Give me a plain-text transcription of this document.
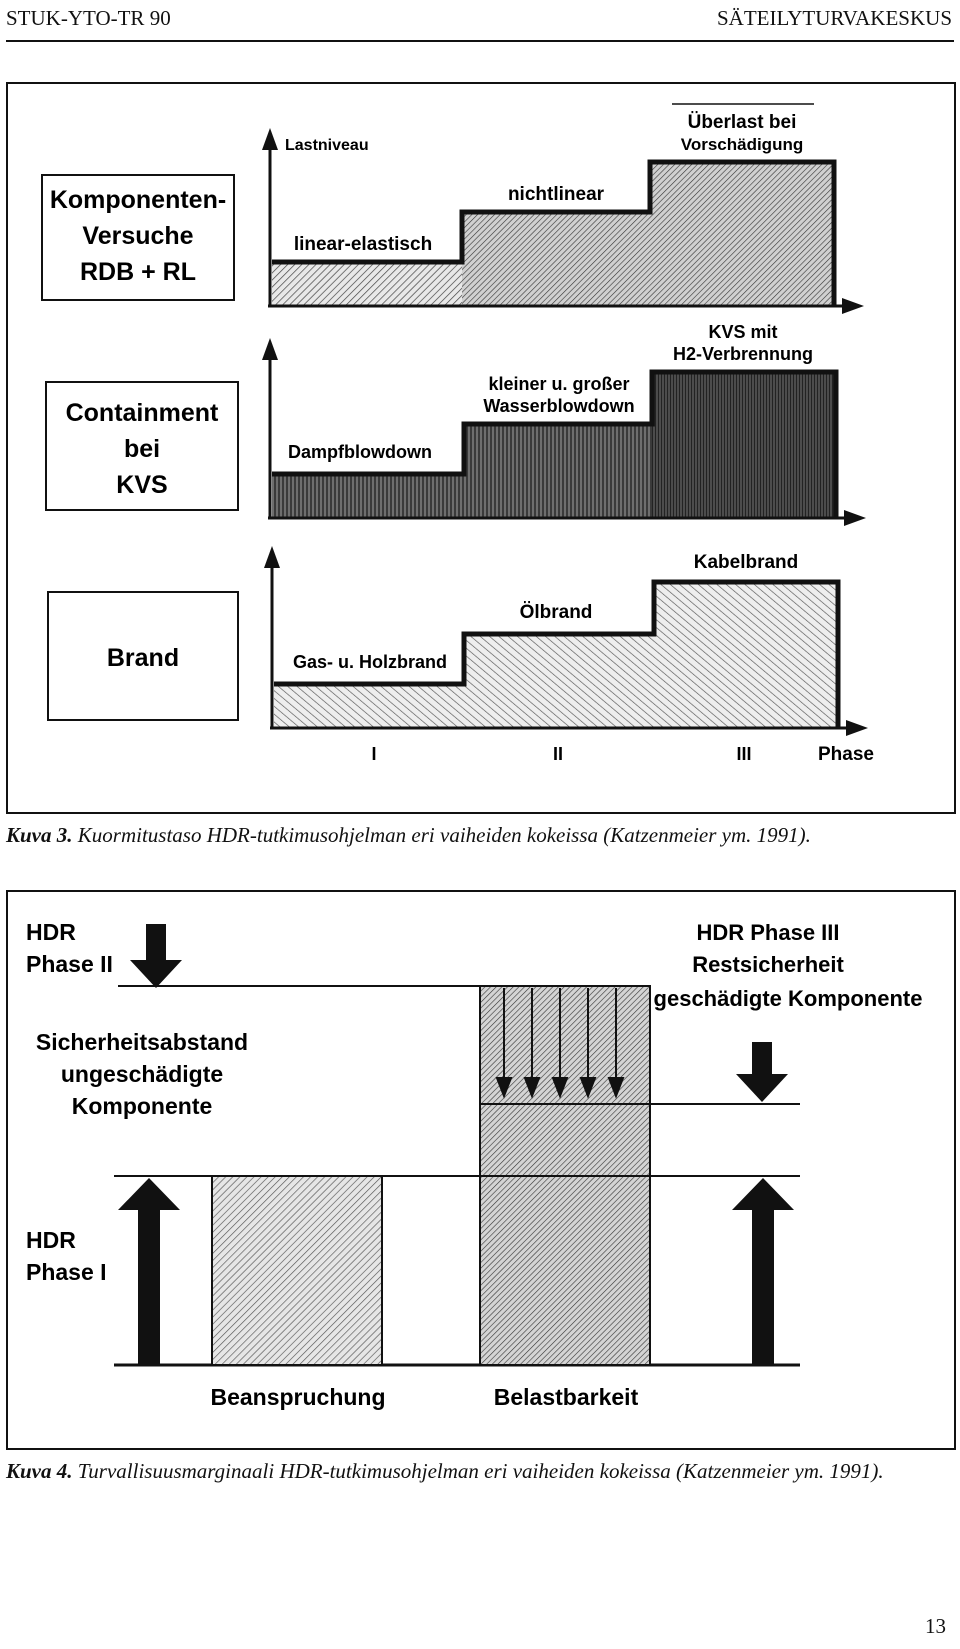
STUK-YTO-TR 90	SÄTEILYTURVAKESKUS
Komponenten-
Versuche
RDB + RL
Lastniveau
linear-elastisch
nichtlinear
Überlast bei
Vorschädigung
Containment
bei
KVS
Dampfblowdown
kleiner u. großer
Wasserblowdown
KVS mit
H2-Verbrennung
Brand	Gas- u. Holzbrand
Ölbrand
Kabelbrand
I	II	III	Phase
Kuva 3. Kuormitustaso HDR-tutkimusohjelman eri vaiheiden kokeissa (Katzenmeier ym. 1991).
HDR
Phase II
HDR Phase III
Restsicherheit
geschädigte Komponente
Sicherheitsabstand
ungeschädigte
Komponente
HDR
Phase I
Beanspruchung	Belastbarkeit
Kuva 4. Turvallisuusmarginaali HDR-tutkimusohjelman eri vaiheiden kokeissa (Katzenmeier ym. 1991).
13
